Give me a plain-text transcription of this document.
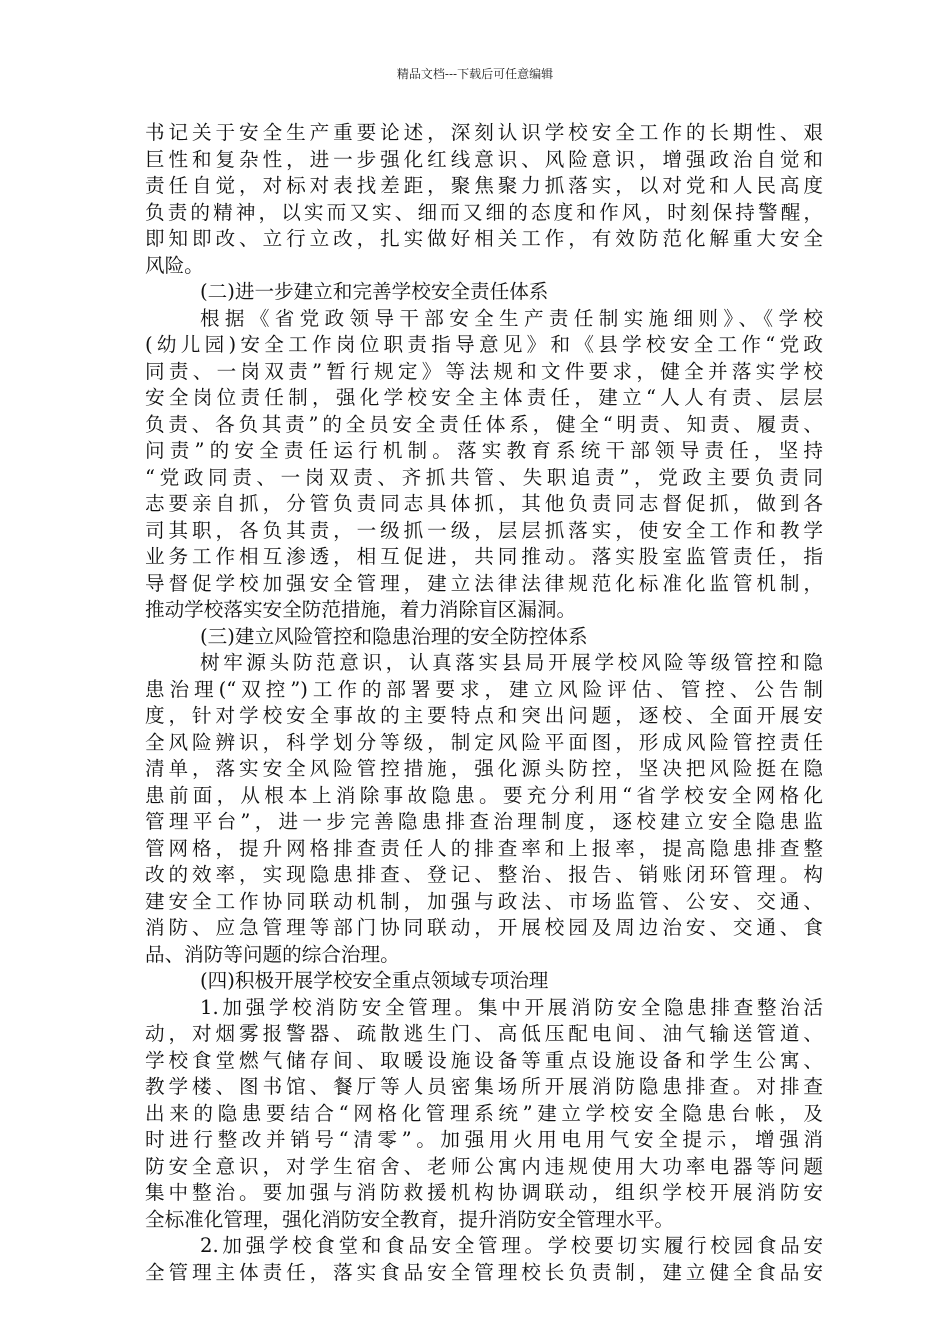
精品文档---下载后可任意编辑
书记关于安全生产重要论述，深刻认识学校安全工作的长期性、艰
巨性和复杂性，进一步强化红线意识、风险意识，增强政治自觉和
责任自觉，对标对表找差距，聚焦聚力抓落实，以对党和人民高度
负责的精神，以实而又实、细而又细的态度和作风，时刻保持警醒，
即知即改、立行立改，扎实做好相关工作，有效防范化解重大安全
风险。
(二)进一步建立和完善学校安全责任体系
根据《省党政领导干部安全生产责任制实施细则》、《学校
(幼儿园)安全工作岗位职责指导意见》和《县学校安全工作“党政
同责、一岗双责”暂行规定》等法规和文件要求，健全并落实学校
安全岗位责任制，强化学校安全主体责任，建立“人人有责、层层
负责、各负其责”的全员安全责任体系，健全“明责、知责、履责、
问责”的安全责任运行机制。落实教育系统干部领导责任，坚持
“党政同责、一岗双责、齐抓共管、失职追责”，党政主要负责同
志要亲自抓，分管负责同志具体抓，其他负责同志督促抓，做到各
司其职，各负其责，一级抓一级，层层抓落实，使安全工作和教学
业务工作相互渗透，相互促进，共同推动。落实股室监管责任，指
导督促学校加强安全管理，建立法律法律规范化标准化监管机制，
推动学校落实安全防范措施，着力消除盲区漏洞。
(三)建立风险管控和隐患治理的安全防控体系
树牢源头防范意识，认真落实县局开展学校风险等级管控和隐
患治理(“双控”)工作的部署要求，建立风险评估、管控、公告制
度，针对学校安全事故的主要特点和突出问题，逐校、全面开展安
全风险辨识，科学划分等级，制定风险平面图，形成风险管控责任
清单，落实安全风险管控措施，强化源头防控，坚决把风险挺在隐
患前面，从根本上消除事故隐患。要充分利用“省学校安全网格化
管理平台”，进一步完善隐患排查治理制度，逐校建立安全隐患监
管网格，提升网格排查责任人的排查率和上报率，提高隐患排查整
改的效率，实现隐患排查、登记、整治、报告、销账闭环管理。构
建安全工作协同联动机制，加强与政法、市场监管、公安、交通、
消防、应急管理等部门协同联动，开展校园及周边治安、交通、食
品、消防等问题的综合治理。
(四)积极开展学校安全重点领域专项治理
1.加强学校消防安全管理。集中开展消防安全隐患排查整治活
动，对烟雾报警器、疏散逃生门、高低压配电间、油气输送管道、
学校食堂燃气储存间、取暖设施设备等重点设施设备和学生公寓、
教学楼、图书馆、餐厅等人员密集场所开展消防隐患排查。对排查
出来的隐患要结合“网格化管理系统”建立学校安全隐患台帐，及
时进行整改并销号“清零”。加强用火用电用气安全提示，增强消
防安全意识，对学生宿舍、老师公寓内违规使用大功率电器等问题
集中整治。要加强与消防救援机构协调联动，组织学校开展消防安
全标准化管理，强化消防安全教育，提升消防安全管理水平。
2.加强学校食堂和食品安全管理。学校要切实履行校园食品安
全管理主体责任，落实食品安全管理校长负责制，建立健全食品安
